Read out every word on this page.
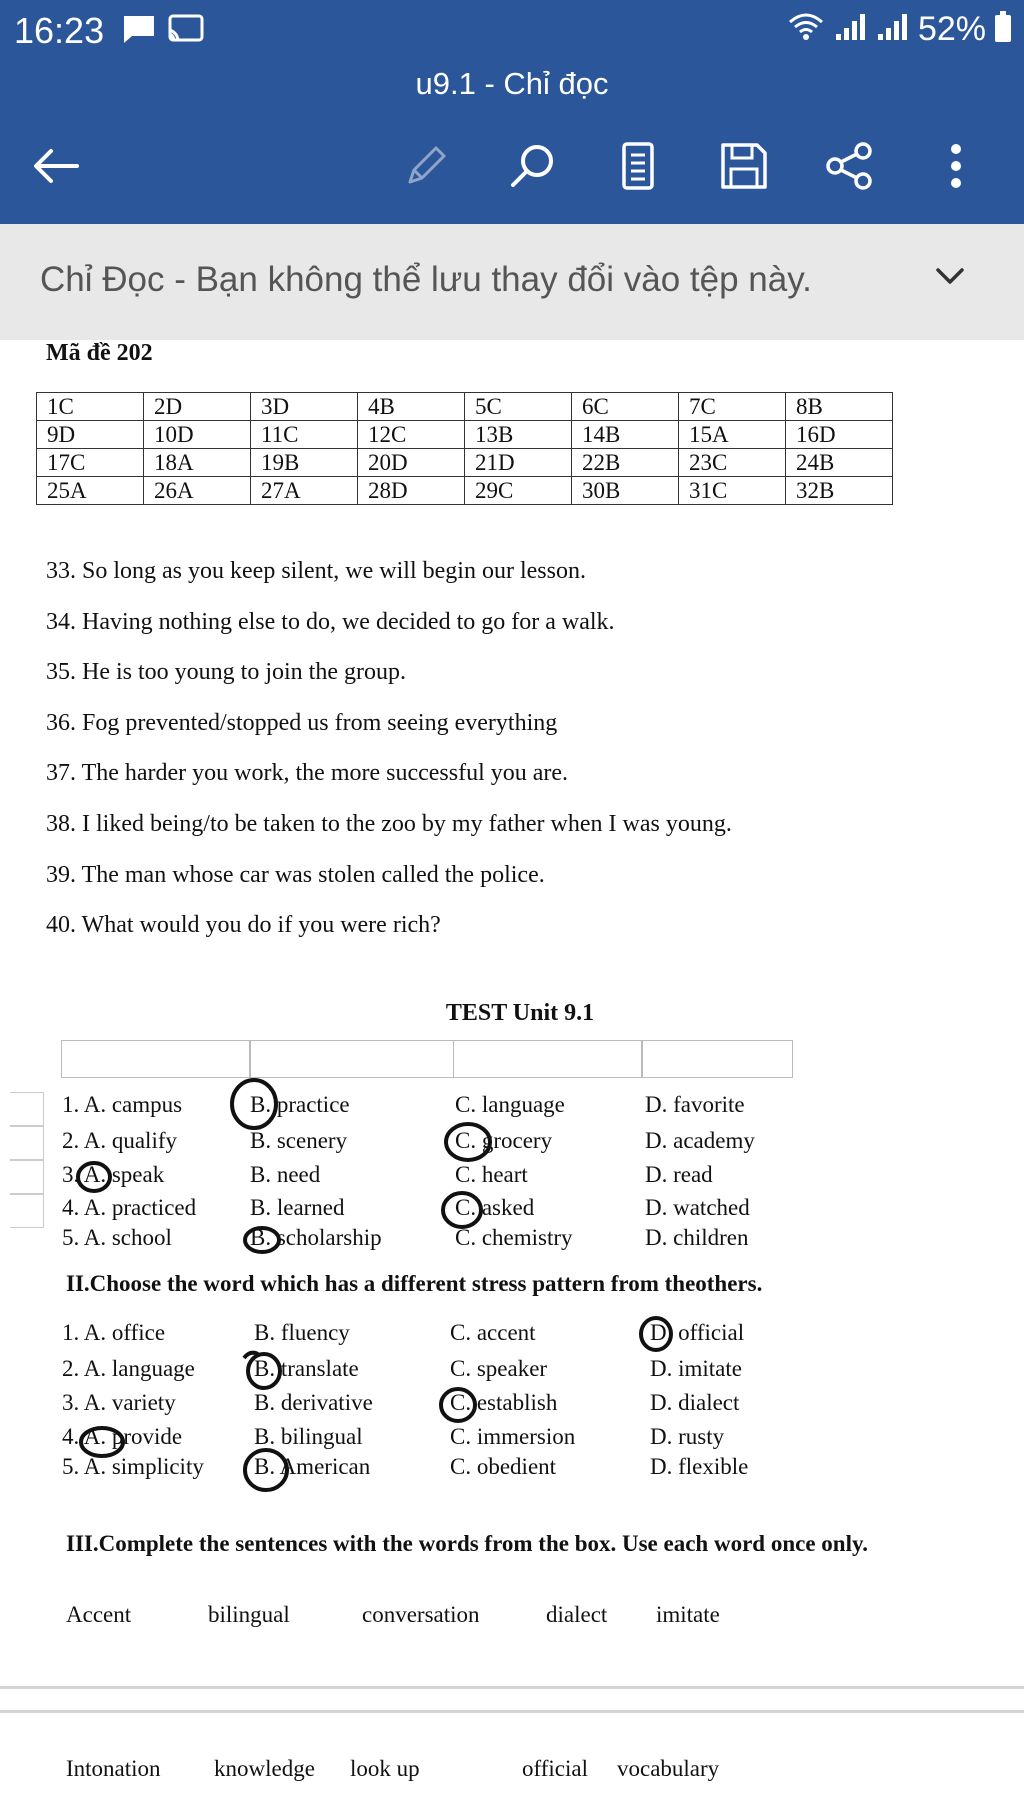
16:23	52%
u9.1 - Chỉ đọc
Chỉ Đọc - Bạn không thể lưu thay đổi vào tệp này.
Mã đề 202
1C	2D	3D	4B	5C	6C	7C	8B
9D	10D	11C	12C	13B	14B	15A	16D
17C	18A	19B	20D	21D	22B	23C	24B
25A	26A	27A	28D	29C	30B	31C	32B
33. So long as you keep silent, we will begin our lesson.
34. Having nothing else to do, we decided to go for a walk.
35. He is too young to join the group.
36. Fog prevented/stopped us from seeing everything
37. The harder you work, the more successful you are.
38. I liked being/to be taken to the zoo by my father when I was young.
39. The man whose car was stolen called the police.
40. What would you do if you were rich?
TEST Unit 9.1
1. A. campus	B. practice	C. language	D. favorite
2. A. qualify	B. scenery	C. grocery	D. academy
3. A. speak	B. need	C. heart	D. read
4. A. practiced B. learned	C. asked	D. watched
5. A. school	B. scholarship	C. chemistry	D. children
II.Choose the word which has a different stress pattern from theothers.
1. A. office	B. fluency	C. accent	D. official
2. A. language	B. translate	C. speaker	D. imitate
3. A. variety	B. derivative	C. establish	D. dialect
4. A. provide	B. bilingual	C. immersion	D. rusty
5. A. simplicity B. American	C. obedient	D. flexible
III.Complete the sentences with the words from the box. Use each word once only.
Accent	bilingual	conversation	dialect imitate
Intonation knowledge look up	official vocabulary
